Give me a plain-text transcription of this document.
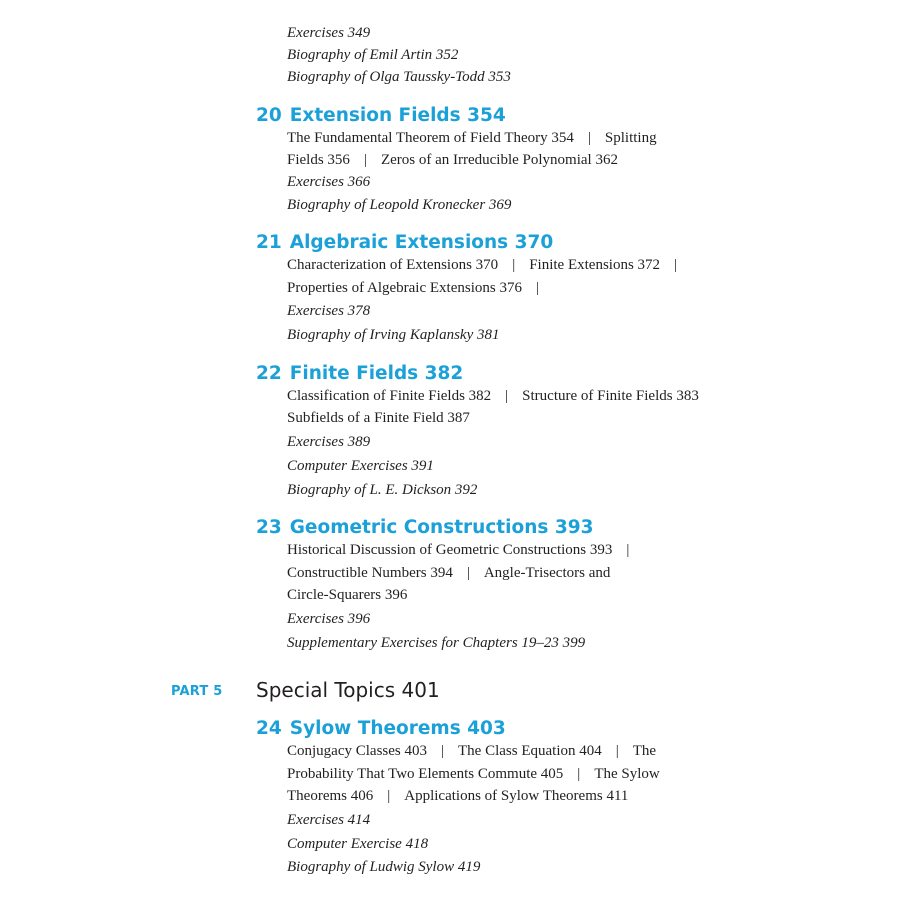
Exercises 349
Biography of Emil Artin 352
Biography of Olga Taussky-Todd 353
20 Extension Fields 354
The Fundamental Theorem of Field Theory 354 | Splitting
Fields 356 | Zeros of an Irreducible Polynomial 362
Exercises 366
Biography of Leopold Kronecker 369
21 Algebraic Extensions 370
Characterization of Extensions 370 | Finite Extensions 372 |
Properties of Algebraic Extensions 376 |
Exercises 378
Biography of Irving Kaplansky 381
22 Finite Fields 382
Classification of Finite Fields 382 | Structure of Finite Fields 383
Subfields of a Finite Field 387
Exercises 389
Computer Exercises 391
Biography of L. E. Dickson 392
23 Geometric Constructions 393
Historical Discussion of Geometric Constructions 393 |
Constructible Numbers 394 | Angle-Trisectors and
Circle-Squarers 396
Exercises 396
Supplementary Exercises for Chapters 19–23 399
PART 5 Special Topics 401
24 Sylow Theorems 403
Conjugacy Classes 403 | The Class Equation 404 | The
Probability That Two Elements Commute 405 | The Sylow
Theorems 406 | Applications of Sylow Theorems 411
Exercises 414
Computer Exercise 418
Biography of Ludwig Sylow 419
